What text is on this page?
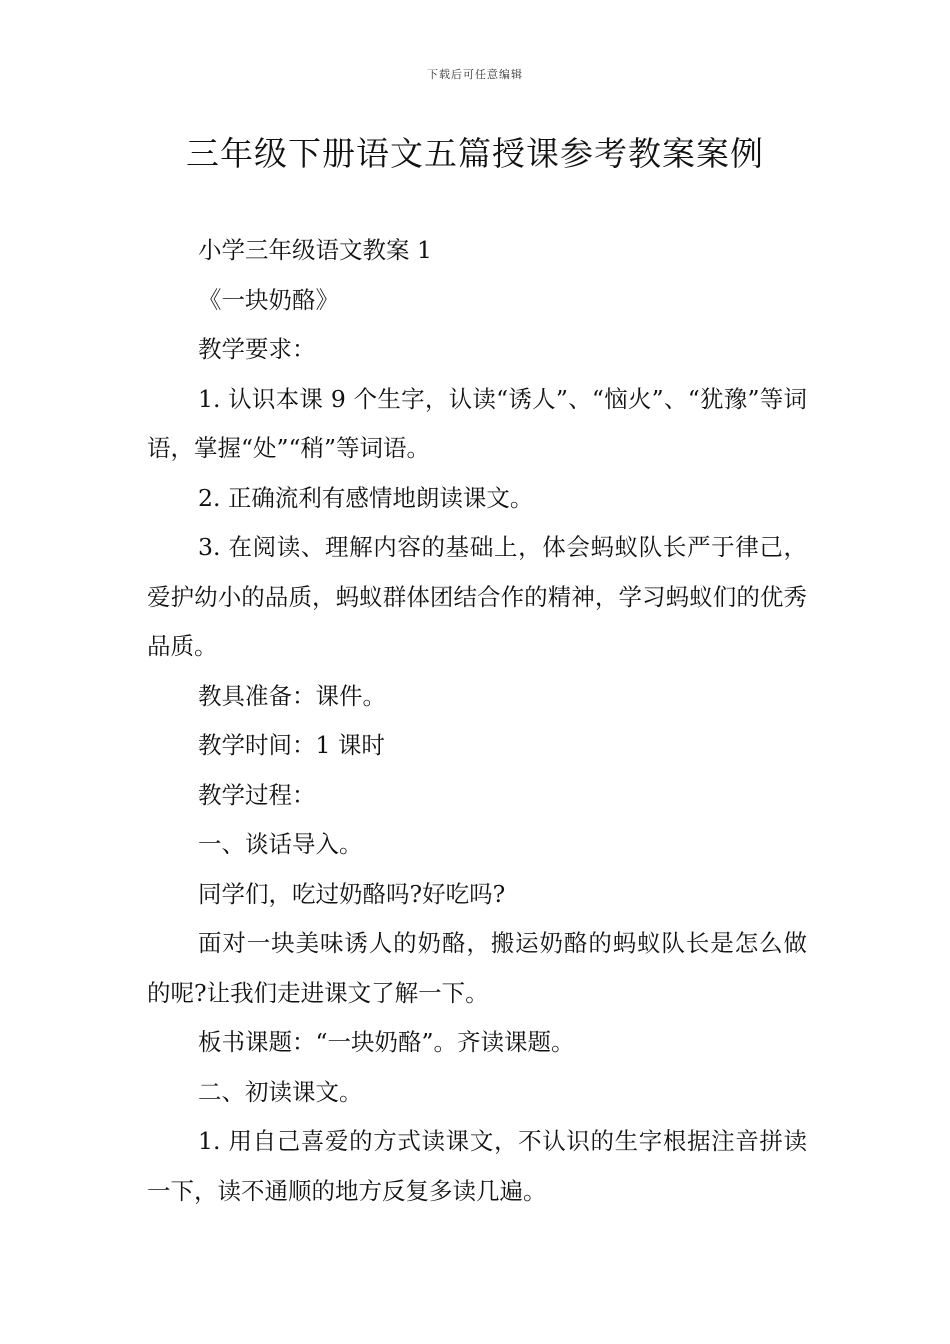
下载后可任意编辑
三年级下册语文五篇授课参考教案案例

小学三年级语文教案 1

《一块奶酪》

教学要求：

1. 认识本课 9 个生字，认读“诱人”、“恼火”、“犹豫”等词语，掌握“处”“稍”等词语。

2. 正确流利有感情地朗读课文。

3. 在阅读、理解内容的基础上，体会蚂蚁队长严于律己，爱护幼小的品质，蚂蚁群体团结合作的精神，学习蚂蚁们的优秀品质。

教具准备：课件。

教学时间：1 课时

教学过程：

一、谈话导入。

同学们，吃过奶酪吗?好吃吗?

面对一块美味诱人的奶酪，搬运奶酪的蚂蚁队长是怎么做的呢?让我们走进课文了解一下。

板书课题：“一块奶酪”。齐读课题。

二、初读课文。

1. 用自己喜爱的方式读课文，不认识的生字根据注音拼读一下，读不通顺的地方反复多读几遍。
